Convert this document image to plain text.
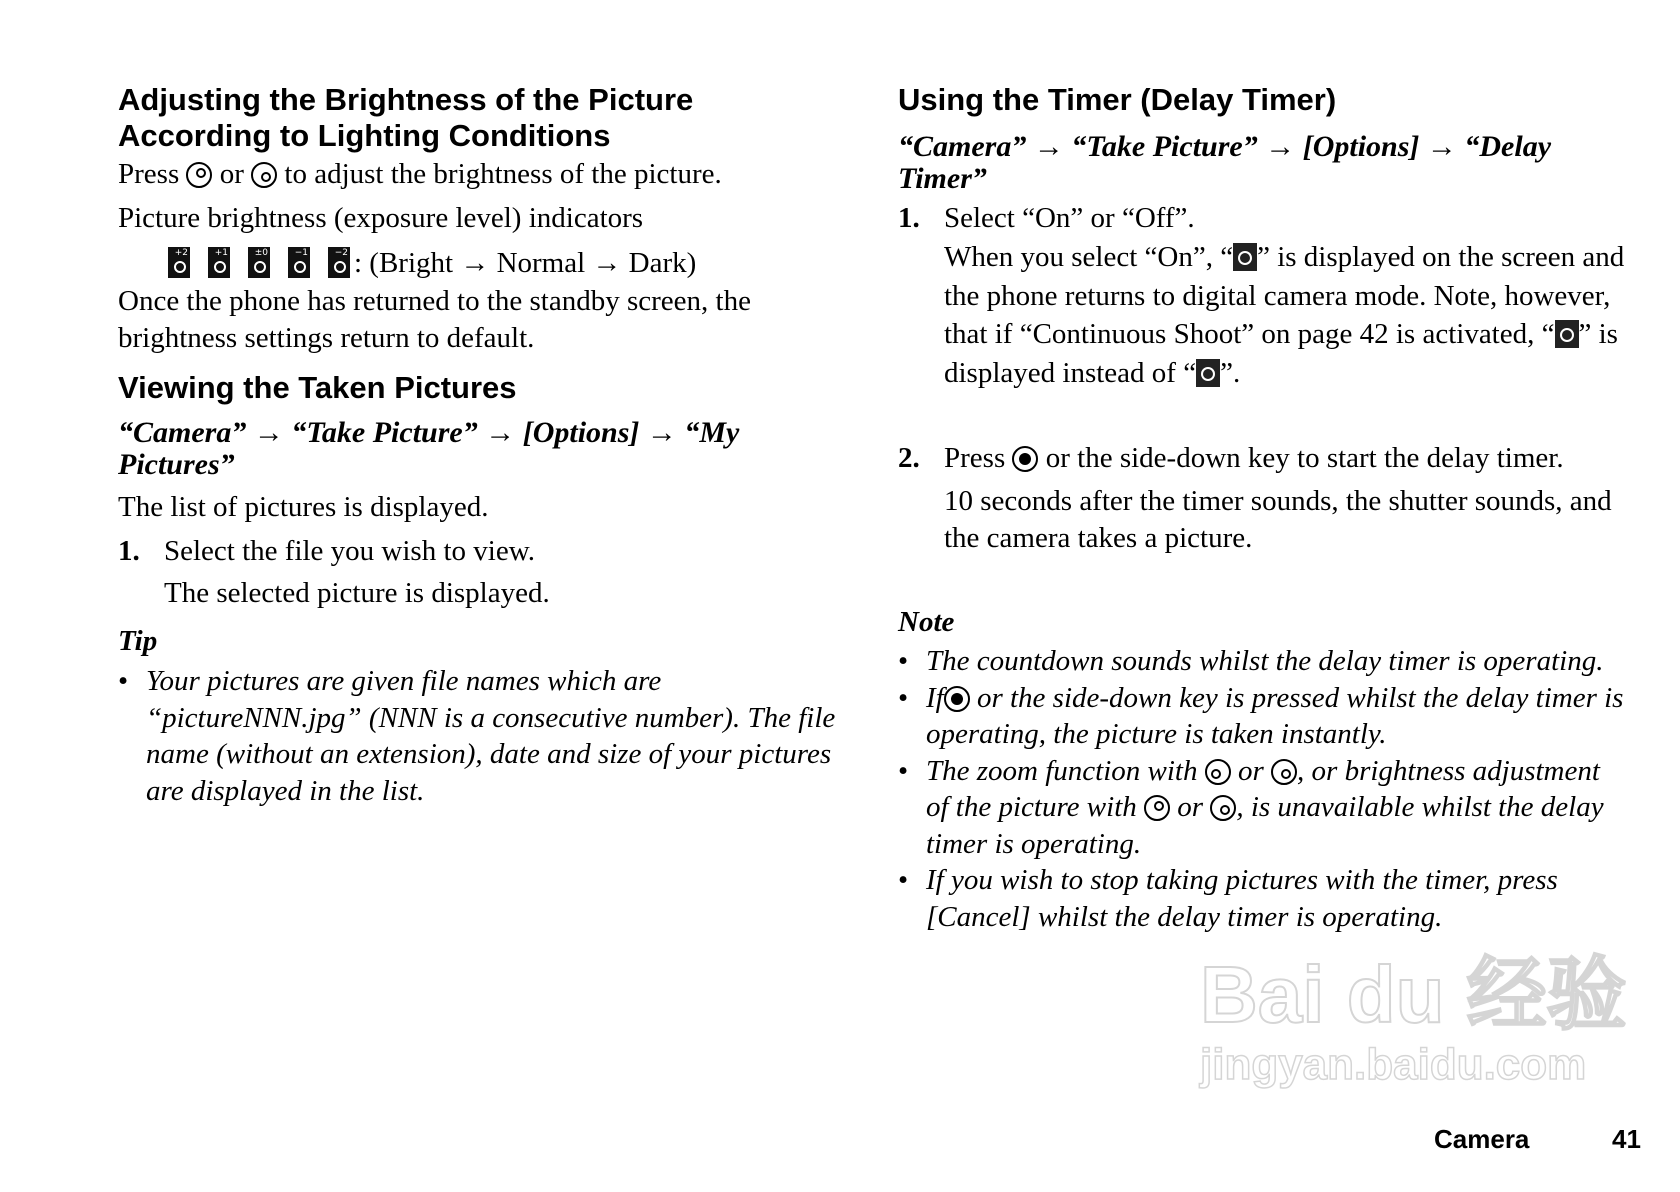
Adjusting the Brightness of the Picture According to Lighting Conditions

Press or to adjust the brightness of the picture.

Picture brightness (exposure level) indicators

+2	+1	±0	−1	−2 : (Bright → Normal → Dark)

Once the phone has returned to the standby screen, the brightness settings return to default.

Viewing the Taken Pictures

“Camera” → “Take Picture” → [Options] → “My Pictures”

The list of pictures is displayed.

1. Select the file you wish to view.
The selected picture is displayed.

Tip

• Your pictures are given file names which are “pictureNNN.jpg” (NNN is a consecutive number). The file name (without an extension), date and size of your pictures are displayed in the list.
Using the Timer (Delay Timer)

“Camera” → “Take Picture” → [Options] → “Delay Timer”

1. Select “On” or “Off”.
When you select “On”, “ ” is displayed on the screen and the phone returns to digital camera mode. Note, however, that if “Continuous Shoot” on page 42 is activated, “ ” is displayed instead of “ ”.
2. Press or the side-down key to start the delay timer.
10 seconds after the timer sounds, the shutter sounds, and the camera takes a picture.

Note

• The countdown sounds whilst the delay timer is operating.
• If or the side-down key is pressed whilst the delay timer is operating, the picture is taken instantly.
• The zoom function with or , or brightness adjustment of the picture with or , is unavailable whilst the delay timer is operating.
• If you wish to stop taking pictures with the timer, press [Cancel] whilst the delay timer is operating.
Bai du 经验
jingyan.baidu.com
Camera	41
